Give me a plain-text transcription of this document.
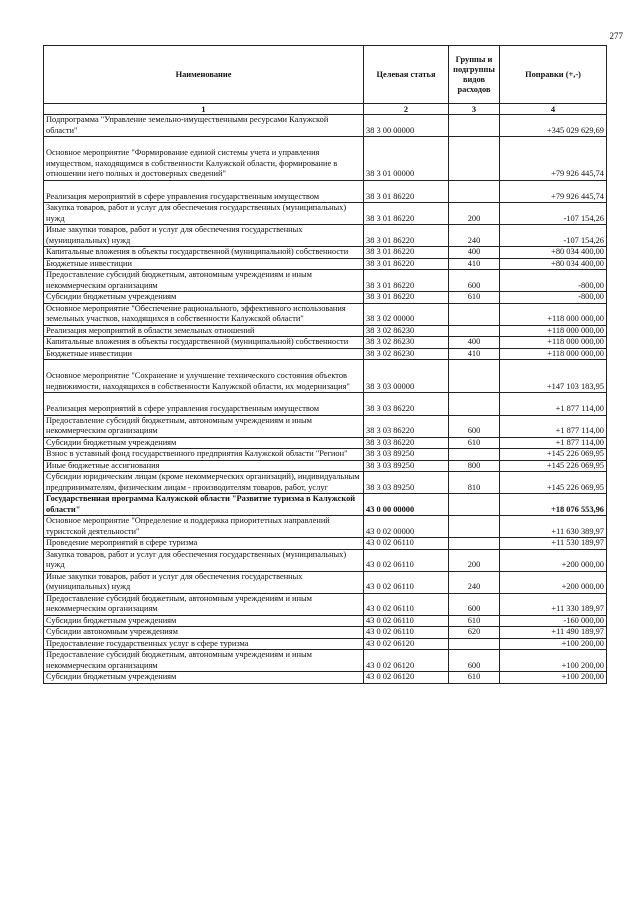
277
Наименование	Целевая статья	Группы и подгруппы видов расходов	Поправки (+,-)
1	2	3	4
Подпрограмма "Управление земельно-имущественными ресурсами Калужской области"	38 3 00 00000		+345 029 629,69
Основное мероприятие "Формирование единой системы учета и управления имуществом, находящимся в собственности Калужской области, формирование в отношении него полных и достоверных сведений"	38 3 01 00000		+79 926 445,74
Реализация мероприятий в сфере управления государственным имуществом	38 3 01 86220		+79 926 445,74
Закупка товаров, работ и услуг для обеспечения государственных (муниципальных) нужд	38 3 01 86220	200	-107 154,26
Иные закупки товаров, работ и услуг для обеспечения государственных (муниципальных) нужд	38 3 01 86220	240	-107 154,26
Капитальные вложения в объекты государственной (муниципальной) собственности	38 3 01 86220	400	+80 034 400,00
Бюджетные инвестиции	38 3 01 86220	410	+80 034 400,00
Предоставление субсидий бюджетным, автономным учреждениям и иным некоммерческим организациям	38 3 01 86220	600	-800,00
Субсидии бюджетным учреждениям	38 3 01 86220	610	-800,00
Основное мероприятие "Обеспечение рационального, эффективного использования земельных участков, находящихся в собственности Калужской области"	38 3 02 00000		+118 000 000,00
Реализация мероприятий в области земельных отношений	38 3 02 86230		+118 000 000,00
Капитальные вложения в объекты государственной (муниципальной) собственности	38 3 02 86230	400	+118 000 000,00
Бюджетные инвестиции	38 3 02 86230	410	+118 000 000,00
Основное мероприятие "Сохранение и улучшение технического состояния объектов недвижимости, находящихся в собственности Калужской области, их модернизация"	38 3 03 00000		+147 103 183,95
Реализация мероприятий в сфере управления государственным имуществом	38 3 03 86220		+1 877 114,00
Предоставление субсидий бюджетным, автономным учреждениям и иным некоммерческим организациям	38 3 03 86220	600	+1 877 114,00
Субсидии бюджетным учреждениям	38 3 03 86220	610	+1 877 114,00
Взнос в уставный фонд государственного предприятия Калужской области "Регион"	38 3 03 89250		+145 226 069,95
Иные бюджетные ассигнования	38 3 03 89250	800	+145 226 069,95
Субсидии юридическим лицам (кроме некоммерческих организаций), индивидуальным предпринимателям, физическим лицам - производителям товаров, работ, услуг	38 3 03 89250	810	+145 226 069,95
Государственная программа Калужской области "Развитие туризма в Калужской области"	43 0 00 00000		+18 076 553,96
Основное мероприятие "Определение и поддержка приоритетных направлений туристской деятельности"	43 0 02 00000		+11 630 389,97
Проведение мероприятий в сфере туризма	43 0 02 06110		+11 530 189,97
Закупка товаров, работ и услуг для обеспечения государственных (муниципальных) нужд	43 0 02 06110	200	+200 000,00
Иные закупки товаров, работ и услуг для обеспечения государственных (муниципальных) нужд	43 0 02 06110	240	+200 000,00
Предоставление субсидий бюджетным, автономным учреждениям и иным некоммерческим организациям	43 0 02 06110	600	+11 330 189,97
Субсидии бюджетным учреждениям	43 0 02 06110	610	-160 000,00
Субсидии автономным учреждениям	43 0 02 06110	620	+11 490 189,97
Предоставление государственных услуг в сфере туризма	43 0 02 06120		+100 200,00
Предоставление субсидий бюджетным, автономным учреждениям и иным некоммерческим организациям	43 0 02 06120	600	+100 200,00
Субсидии бюджетным учреждениям	43 0 02 06120	610	+100 200,00
